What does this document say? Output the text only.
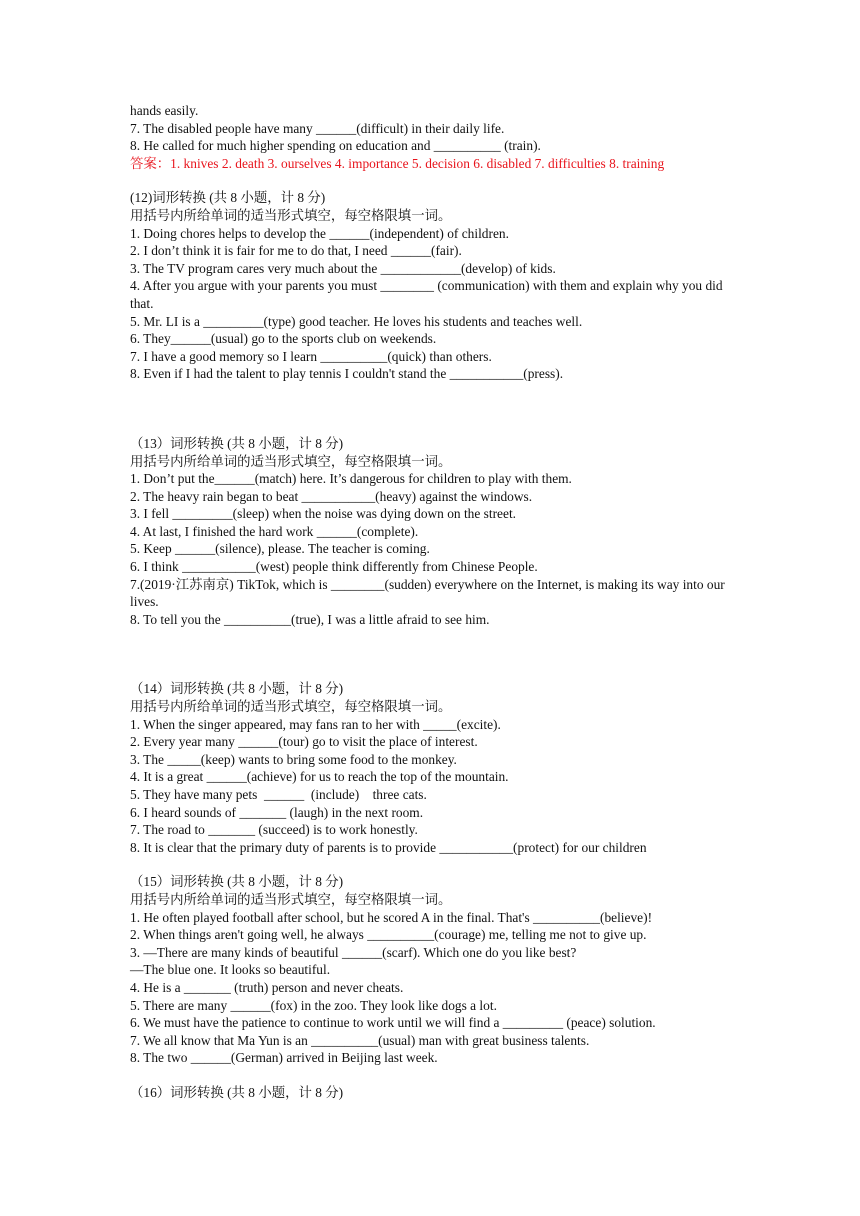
hands easily.
7. The disabled people have many ______(difficult) in their daily life.
8. He called for much higher spending on education and __________ (train).
答案：1. knives 2. death 3. ourselves 4. importance 5. decision 6. disabled 7. difficulties 8. training
(12)词形转换 (共 8 小题，计 8 分)
用括号内所给单词的适当形式填空，每空格限填一词。
1. Doing chores helps to develop the ______(independent) of children.
2. I don’t think it is fair for me to do that, I need ______(fair).
3. The TV program cares very much about the ____________(develop) of kids.
4. After you argue with your parents you must ________ (communication) with them and explain why you did that.
5. Mr. LI is a _________(type) good teacher. He loves his students and teaches well.
6. They______(usual) go to the sports club on weekends.
7. I have a good memory so I learn __________(quick) than others.
8. Even if I had the talent to play tennis I couldn't stand the ___________(press).
（13）词形转换 (共 8 小题，计 8 分)
用括号内所给单词的适当形式填空，每空格限填一词。
1. Don’t put the______(match) here. It’s dangerous for children to play with them.
2. The heavy rain began to beat ___________(heavy) against the windows.
3. I fell _________(sleep) when the noise was dying down on the street.
4. At last, I finished the hard work ______(complete).
5. Keep ______(silence), please. The teacher is coming.
6. I think ___________(west) people think differently from Chinese People.
7.(2019·江苏南京) TikTok, which is ________(sudden) everywhere on the Internet, is making its way into our lives.
8. To tell you the __________(true), I was a little afraid to see him.
（14）词形转换 (共 8 小题，计 8 分)
用括号内所给单词的适当形式填空，每空格限填一词。
1. When the singer appeared, may fans ran to her with _____(excite).
2. Every year many ______(tour) go to visit the place of interest.
3. The _____(keep) wants to bring some food to the monkey.
4. It is a great ______(achieve) for us to reach the top of the mountain.
5. They have many pets  ______  (include)    three cats.
6. I heard sounds of _______ (laugh) in the next room.
7. The road to _______ (succeed) is to work honestly.
8. It is clear that the primary duty of parents is to provide ___________(protect) for our children
（15）词形转换 (共 8 小题，计 8 分)
用括号内所给单词的适当形式填空，每空格限填一词。
1. He often played football after school, but he scored A in the final. That's __________(believe)!
2. When things aren't going well, he always __________(courage) me, telling me not to give up.
3. —There are many kinds of beautiful ______(scarf). Which one do you like best?
—The blue one. It looks so beautiful.
4. He is a _______ (truth) person and never cheats.
5. There are many ______(fox) in the zoo. They look like dogs a lot.
6. We must have the patience to continue to work until we will find a _________ (peace) solution.
7. We all know that Ma Yun is an __________(usual) man with great business talents.
8. The two ______(German) arrived in Beijing last week.
（16）词形转换 (共 8 小题，计 8 分)
